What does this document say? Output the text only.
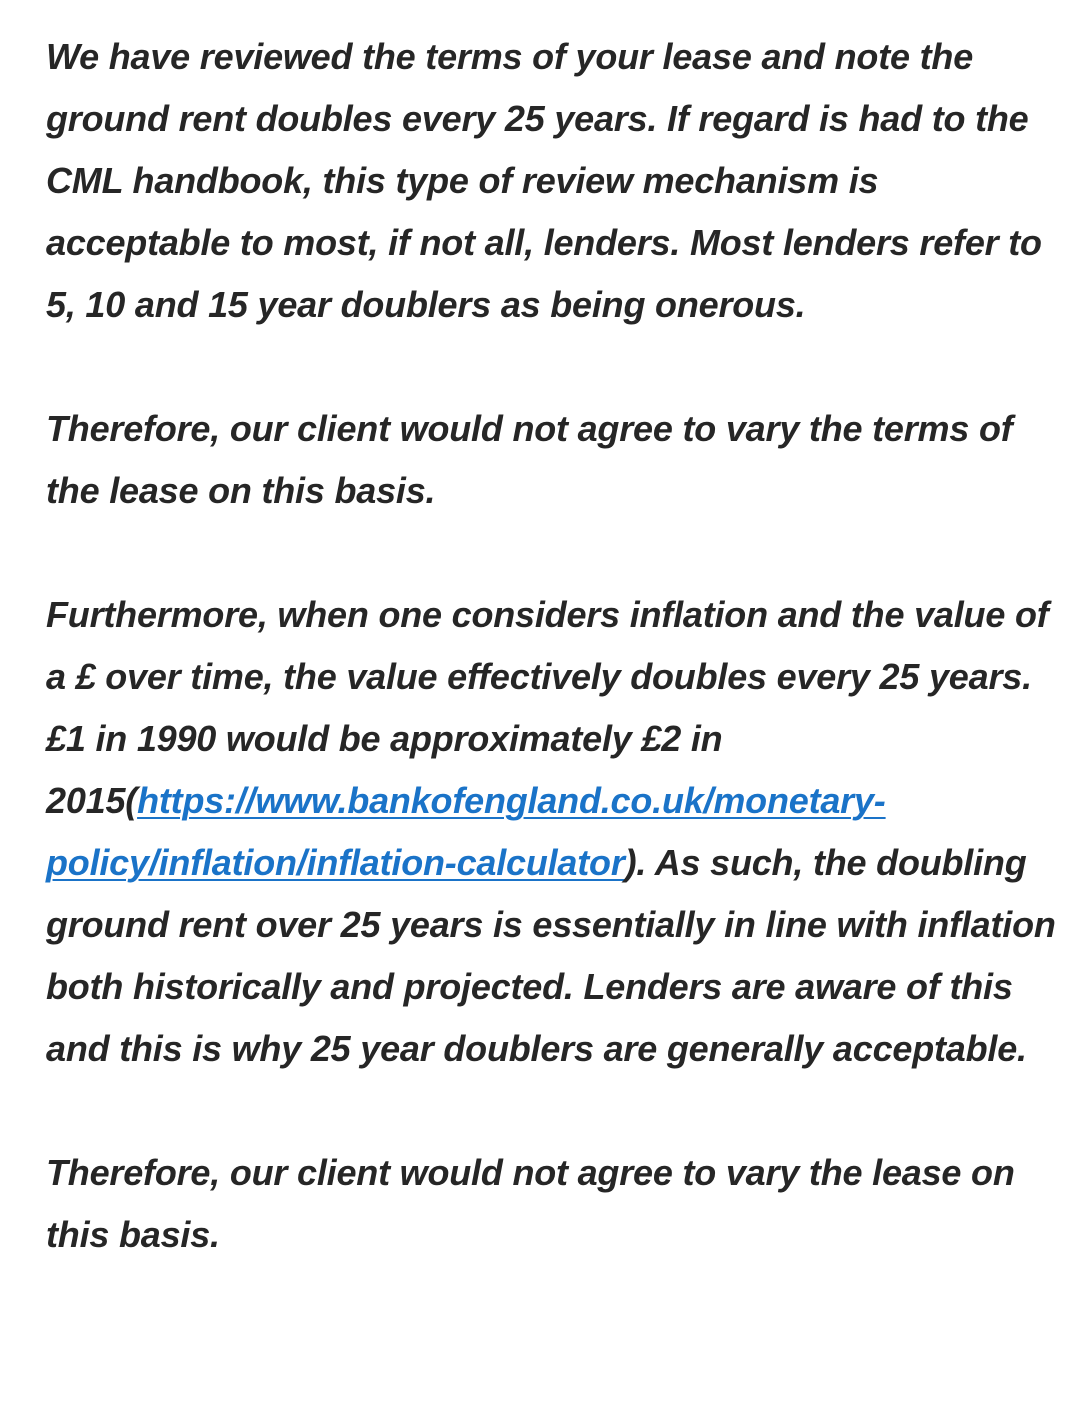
We have reviewed the terms of your lease and note the ground rent doubles every 25 years. If regard is had to the CML handbook, this type of review mechanism is acceptable to most, if not all, lenders. Most lenders refer to 5, 10 and 15 year doublers as being onerous.

Therefore, our client would not agree to vary the terms of the lease on this basis.

Furthermore, when one considers inflation and the value of a £ over time, the value effectively doubles every 25 years. £1 in 1990 would be approximately £2 in 2015(https://www.bankofengland.co.uk/monetary-policy/inflation/inflation-calculator). As such, the doubling ground rent over 25 years is essentially in line with inflation both historically and projected. Lenders are aware of this and this is why 25 year doublers are generally acceptable.

Therefore, our client would not agree to vary the lease on this basis.
